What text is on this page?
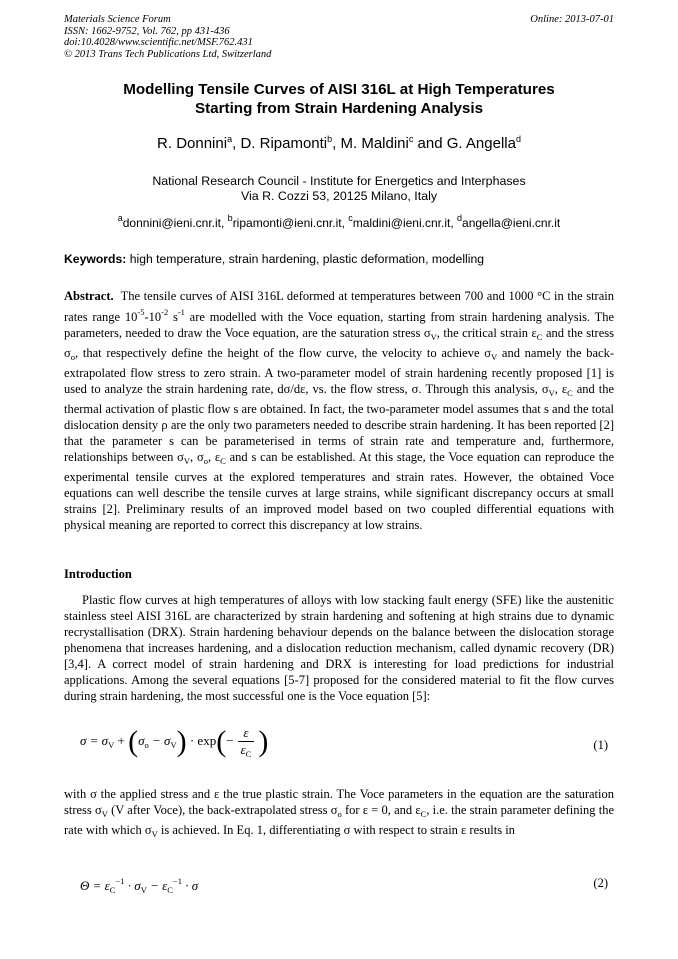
Materials Science Forum
ISSN: 1662-9752, Vol. 762, pp 431-436
doi:10.4028/www.scientific.net/MSF.762.431
© 2013 Trans Tech Publications Ltd, Switzerland
Online: 2013-07-01
Modelling Tensile Curves of AISI 316L at High Temperatures
Starting from Strain Hardening Analysis
R. Donnini$^a$, D. Ripamonti$^b$, M. Maldini$^c$ and G. Angella$^d$
National Research Council - Institute for Energetics and Interphases
Via R. Cozzi 53, 20125 Milano, Italy
$^a$donnini@ieni.cnr.it, $^b$ripamonti@ieni.cnr.it, $^c$maldini@ieni.cnr.it, $^d$angella@ieni.cnr.it
Keywords: high temperature, strain hardening, plastic deformation, modelling
Abstract. The tensile curves of AISI 316L deformed at temperatures between 700 and 1000 °C in the strain rates range $10^{-5}-10^{-2}$ $s^{-1}$ are modelled with the Voce equation, starting from strain hardening analysis. The parameters, needed to draw the Voce equation, are the saturation stress $\sigma_V$, the critical strain $\varepsilon_C$ and the stress $\sigma_o$, that respectively define the height of the flow curve, the velocity to achieve $\sigma_V$ and namely the back-extrapolated flow stress to zero strain. A two-parameter model of strain hardening recently proposed [1] is used to analyze the strain hardening rate, dσ/dε, vs. the flow stress, σ. Through this analysis, $\sigma_V$, $\varepsilon_C$ and the thermal activation of plastic flow s are obtained. In fact, the two-parameter model assumes that s and the total dislocation density ρ are the only two parameters needed to describe strain hardening. It has been reported [2] that the parameter s can be parameterised in terms of strain rate and temperature and, furthermore, relationships between $\sigma_V$, $\sigma_o$, $\varepsilon_C$ and s can be established. At this stage, the Voce equation can reproduce the experimental tensile curves at the explored temperatures and strain rates. However, the obtained Voce equations can well describe the tensile curves at large strains, while significant discrepancy occurs at small strains [2]. Preliminary results of an improved model based on two coupled differential equations with physical meaning are reported to correct this discrepancy at low strains.
Introduction
Plastic flow curves at high temperatures of alloys with low stacking fault energy (SFE) like the austenitic stainless steel AISI 316L are characterized by strain hardening and softening at high strains due to dynamic recrystallisation (DRX). Strain hardening behaviour depends on the balance between the dislocation storage phenomena that increases hardening, and a dislocation reduction mechanism, called dynamic recovery (DR) [3,4]. A correct model of strain hardening and DRX is interesting for load predictions for industrial applications. Among the several equations [5-7] proposed for the considered material to fit the flow curves during strain hardening, the most successful one is the Voce equation [5]:
$\sigma = \sigma_V + (\sigma_o - \sigma_V) \cdot \exp(- \frac{\varepsilon}{\varepsilon_C}$ )	(1)
with σ the applied stress and ε the true plastic strain. The Voce parameters in the equation are the saturation stress $\sigma_V$ (V after Voce), the back-extrapolated stress $\sigma_o$ for ε = 0, and $\varepsilon_C$, i.e. the strain parameter defining the rate with which $\sigma_V$ is achieved. In Eq. 1, differentiating σ with respect to strain ε results in
$\Theta = \varepsilon_C^{-1} \cdot \sigma_V - \varepsilon_C^{-1} \cdot \sigma$	(2)
